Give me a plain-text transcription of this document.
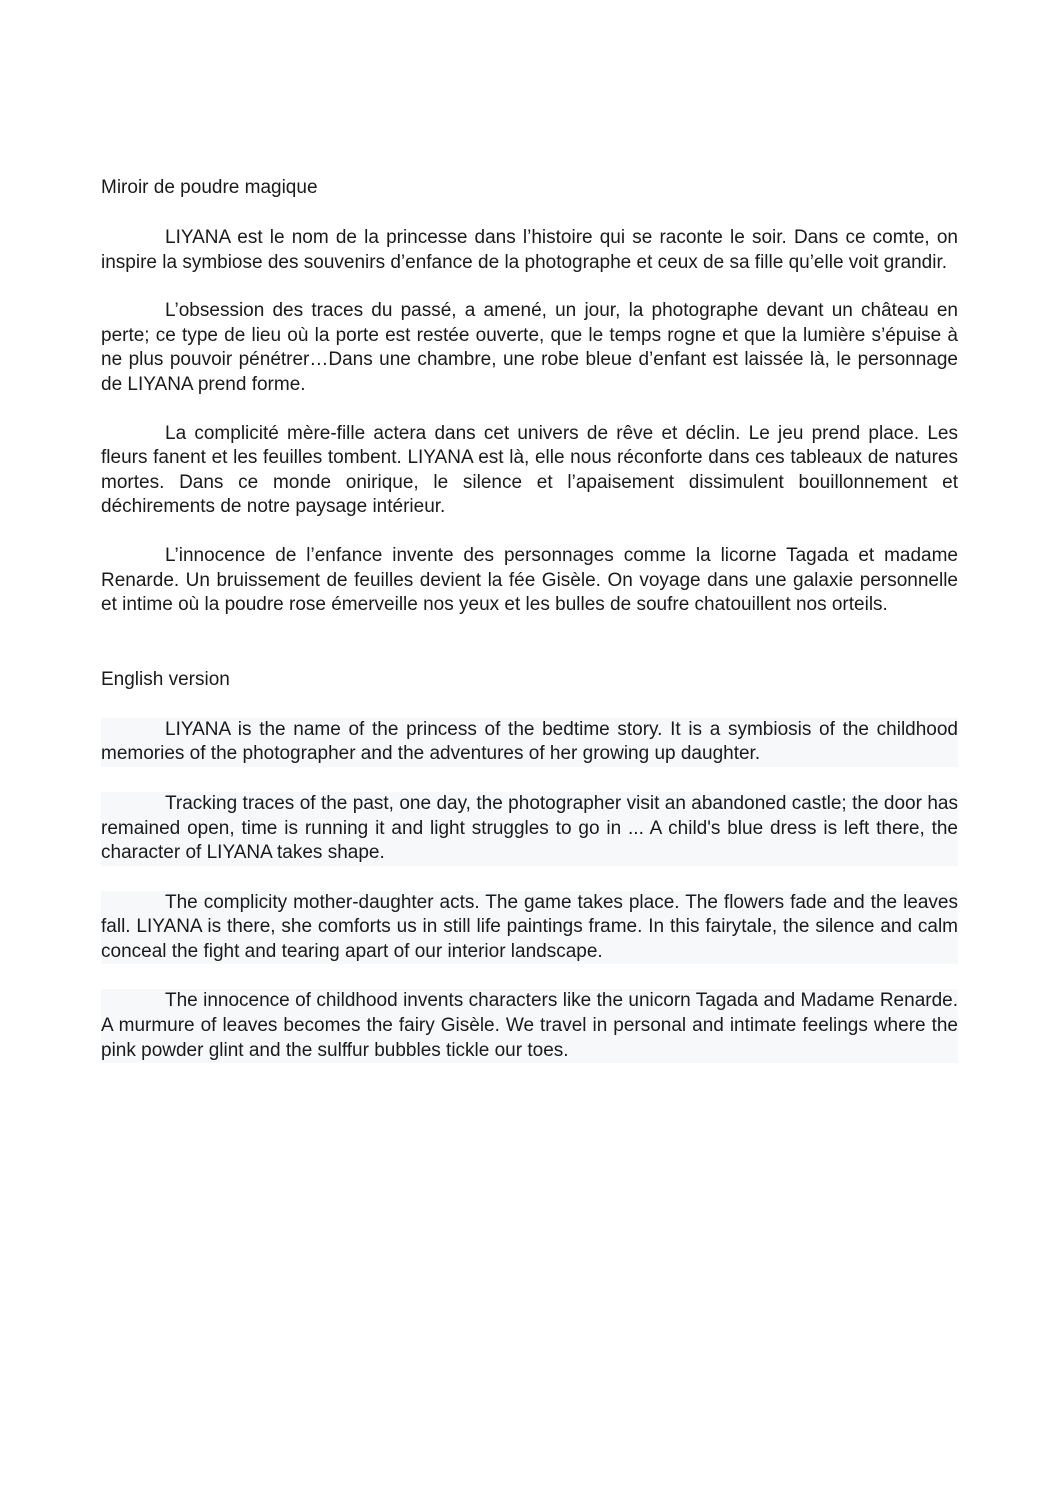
Miroir de poudre magique

LIYANA est le nom de la princesse dans l’histoire qui se raconte le soir. Dans ce comte, on inspire la symbiose des souvenirs d’enfance de la photographe et ceux de sa fille qu’elle voit grandir.

L’obsession des traces du passé, a amené, un jour, la photographe devant un château en perte; ce type de lieu où la porte est restée ouverte, que le temps rogne et que la lumière s’épuise à ne plus pouvoir pénétrer…Dans une chambre, une robe bleue d’enfant est laissée là, le personnage de LIYANA prend forme.

La complicité mère-fille actera dans cet univers de rêve et déclin. Le jeu prend place. Les fleurs fanent et les feuilles tombent. LIYANA est là, elle nous réconforte dans ces tableaux de natures mortes. Dans ce monde onirique, le silence et l’apaisement dissimulent bouillonnement et déchirements de notre paysage intérieur.

L’innocence de l’enfance invente des personnages comme la licorne Tagada et madame Renarde. Un bruissement de feuilles devient la fée Gisèle. On voyage dans une galaxie personnelle et intime où la poudre rose émerveille nos yeux et les bulles de soufre chatouillent nos orteils.

English version

LIYANA is the name of the princess of the bedtime story. It is a symbiosis of the childhood memories of the photographer and the adventures of her growing up daughter.

Tracking traces of the past, one day, the photographer visit an abandoned castle; the door has remained open, time is running it and light struggles to go in ... A child's blue dress is left there, the character of LIYANA takes shape.

The complicity mother-daughter acts. The game takes place. The flowers fade and the leaves fall. LIYANA is there, she comforts us in still life paintings frame. In this fairytale, the silence and calm conceal the fight and tearing apart of our interior landscape.

The innocence of childhood invents characters like the unicorn Tagada and Madame Renarde. A murmure of leaves becomes the fairy Gisèle. We travel in personal and intimate feelings where the pink powder glint and the sulffur bubbles tickle our toes.
